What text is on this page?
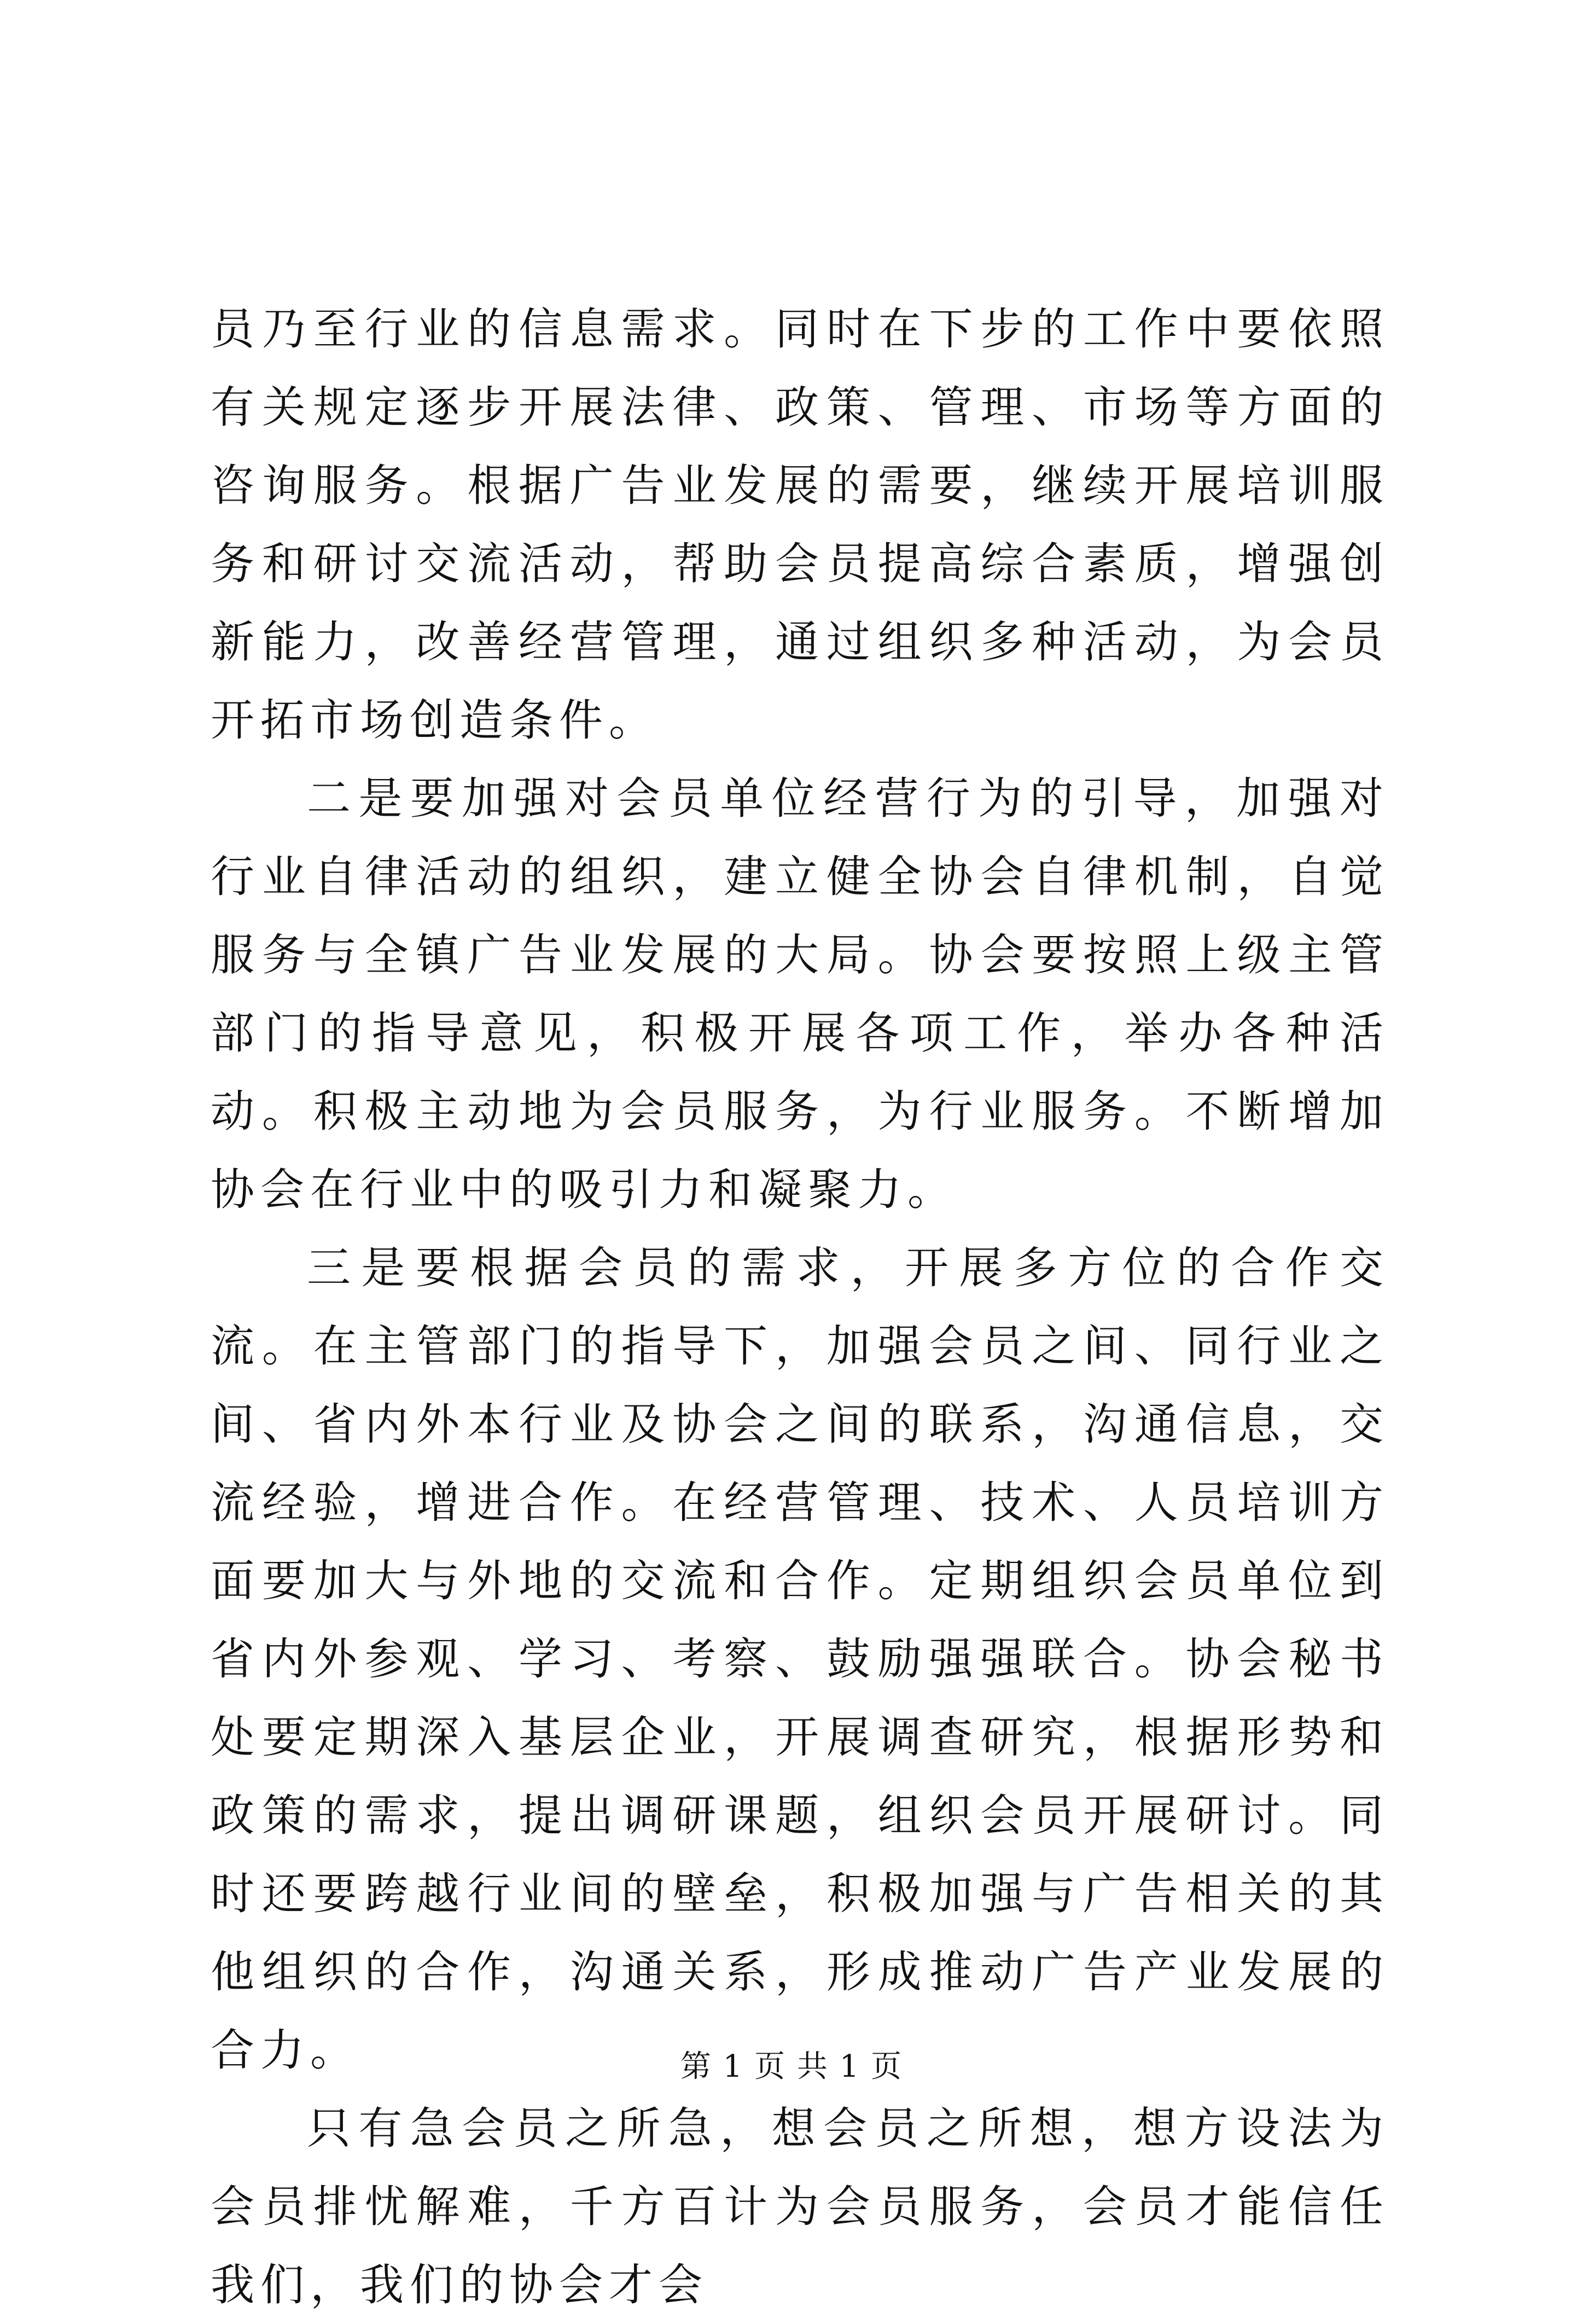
员乃至行业的信息需求。同时在下步的工作中要依照有关规定逐步开展法律、政策、管理、市场等方面的咨询服务。根据广告业发展的需要，继续开展培训服务和研讨交流活动，帮助会员提高综合素质，增强创新能力，改善经营管理，通过组织多种活动，为会员开拓市场创造条件。

二是要加强对会员单位经营行为的引导，加强对行业自律活动的组织，建立健全协会自律机制，自觉服务与全镇广告业发展的大局。协会要按照上级主管部门的指导意见，积极开展各项工作，举办各种活动。积极主动地为会员服务，为行业服务。不断增加协会在行业中的吸引力和凝聚力。

三是要根据会员的需求，开展多方位的合作交流。在主管部门的指导下，加强会员之间、同行业之间、省内外本行业及协会之间的联系，沟通信息，交流经验，增进合作。在经营管理、技术、人员培训方面要加大与外地的交流和合作。定期组织会员单位到省内外参观、学习、考察、鼓励强强联合。协会秘书处要定期深入基层企业，开展调查研究，根据形势和政策的需求，提出调研课题，组织会员开展研讨。同时还要跨越行业间的壁垒，积极加强与广告相关的其他组织的合作，沟通关系，形成推动广告产业发展的合力。

只有急会员之所急，想会员之所想，想方设法为会员排忧解难，千方百计为会员服务，会员才能信任我们，我们的协会才会

第 1 页 共 1 页
